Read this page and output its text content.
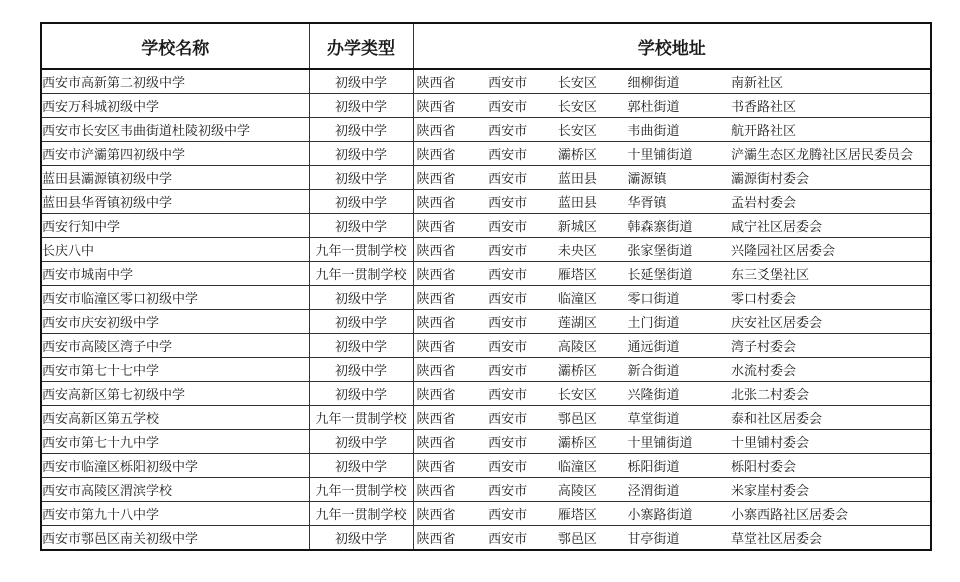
学校名称	办学类型	学校地址
西安市高新第二初级中学	初级中学	陕西省 西安市 长安区 细柳街道 南新社区

西安万科城初级中学	初级中学	陕西省 西安市 长安区 郭杜街道 书香路社区

西安市长安区韦曲街道杜陵初级中学	初级中学	陕西省 西安市 长安区 韦曲街道 航开路社区

西安市浐灞第四初级中学	初级中学	陕西省 西安市 灞桥区 十里铺街道 浐灞生态区龙腾社区居民委员会

蓝田县灞源镇初级中学	初级中学	陕西省 西安市 蓝田县 灞源镇 灞源街村委会

蓝田县华胥镇初级中学	初级中学	陕西省 西安市 蓝田县 华胥镇 孟岩村委会

西安行知中学	初级中学	陕西省 西安市 新城区 韩森寨街道 咸宁社区居委会

长庆八中	九年一贯制学校	陕西省 西安市 未央区 张家堡街道 兴隆园社区居委会

西安市城南中学	九年一贯制学校	陕西省 西安市 雁塔区 长延堡街道 东三爻堡社区

西安市临潼区零口初级中学	初级中学	陕西省 西安市 临潼区 零口街道 零口村委会

西安市庆安初级中学	初级中学	陕西省 西安市 莲湖区 土门街道 庆安社区居委会

西安市高陵区湾子中学	初级中学	陕西省 西安市 高陵区 通远街道 湾子村委会

西安市第七十七中学	初级中学	陕西省 西安市 灞桥区 新合街道 水流村委会

西安高新区第七初级中学	初级中学	陕西省 西安市 长安区 兴隆街道 北张二村委会

西安高新区第五学校	九年一贯制学校	陕西省 西安市 鄠邑区 草堂街道 泰和社区居委会

西安市第七十九中学	初级中学	陕西省 西安市 灞桥区 十里铺街道 十里铺村委会

西安市临潼区栎阳初级中学	初级中学	陕西省 西安市 临潼区 栎阳街道 栎阳村委会

西安市高陵区渭滨学校	九年一贯制学校	陕西省 西安市 高陵区 泾渭街道 米家崖村委会

西安市第九十八中学	九年一贯制学校	陕西省 西安市 雁塔区 小寨路街道 小寨西路社区居委会

西安市鄠邑区南关初级中学	初级中学	陕西省 西安市 鄠邑区 甘亭街道 草堂社区居委会
